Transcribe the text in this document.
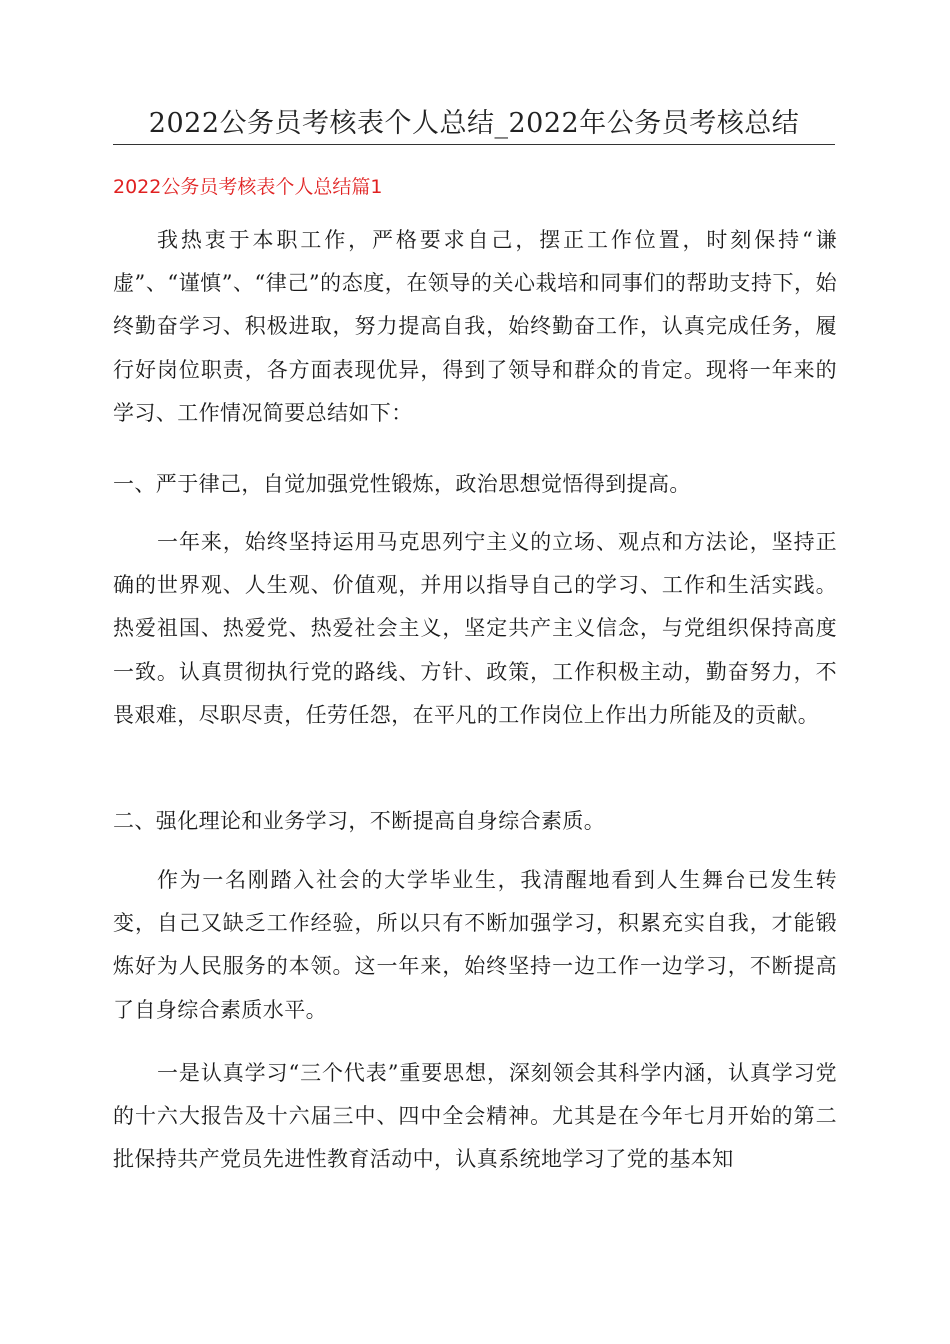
2022公务员考核表个人总结_2022年公务员考核总结
2022公务员考核表个人总结篇1
我热衷于本职工作，严格要求自己，摆正工作位置，时刻保持“谦虚”、“谨慎”、“律己”的态度，在领导的关心栽培和同事们的帮助支持下，始终勤奋学习、积极进取，努力提高自我，始终勤奋工作，认真完成任务，履行好岗位职责，各方面表现优异，得到了领导和群众的肯定。现将一年来的学习、工作情况简要总结如下：
一、严于律己，自觉加强党性锻炼，政治思想觉悟得到提高。
一年来，始终坚持运用马克思列宁主义的立场、观点和方法论，坚持正确的世界观、人生观、价值观，并用以指导自己的学习、工作和生活实践。热爱祖国、热爱党、热爱社会主义，坚定共产主义信念，与党组织保持高度一致。认真贯彻执行党的路线、方针、政策，工作积极主动，勤奋努力，不畏艰难，尽职尽责，任劳任怨，在平凡的工作岗位上作出力所能及的贡献。
二、强化理论和业务学习，不断提高自身综合素质。
作为一名刚踏入社会的大学毕业生，我清醒地看到人生舞台已发生转变，自己又缺乏工作经验，所以只有不断加强学习，积累充实自我，才能锻炼好为人民服务的本领。这一年来，始终坚持一边工作一边学习，不断提高了自身综合素质水平。
一是认真学习“三个代表”重要思想，深刻领会其科学内涵，认真学习党的十六大报告及十六届三中、四中全会精神。尤其是在今年七月开始的第二批保持共产党员先进性教育活动中，认真系统地学习了党的基本知
